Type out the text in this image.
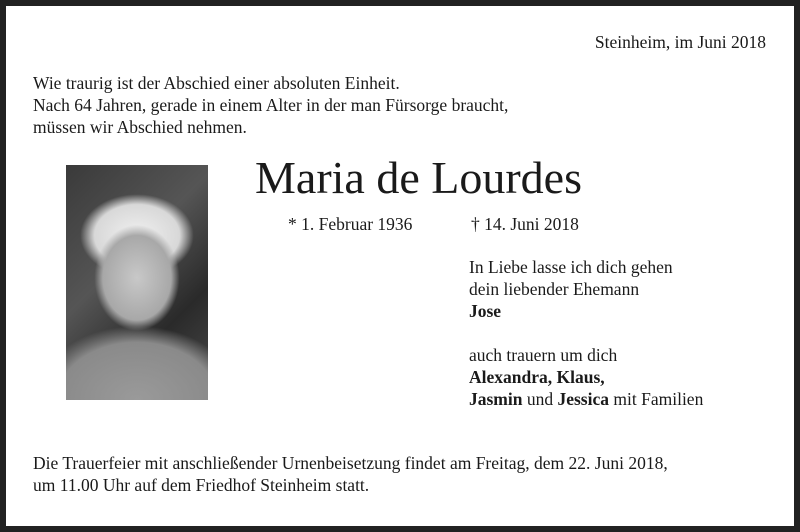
Steinheim, im Juni 2018
Wie traurig ist der Abschied einer absoluten Einheit.
Nach 64 Jahren, gerade in einem Alter in der man Fürsorge braucht,
müssen wir Abschied nehmen.
Maria de Lourdes
* 1. Februar 1936	† 14. Juni 2018
In Liebe lasse ich dich gehen
dein liebender Ehemann
Jose
auch trauern um dich
Alexandra, Klaus,
Jasmin und Jessica mit Familien
Die Trauerfeier mit anschließender Urnenbeisetzung findet am Freitag, dem 22. Juni 2018,
um 11.00 Uhr auf dem Friedhof Steinheim statt.
